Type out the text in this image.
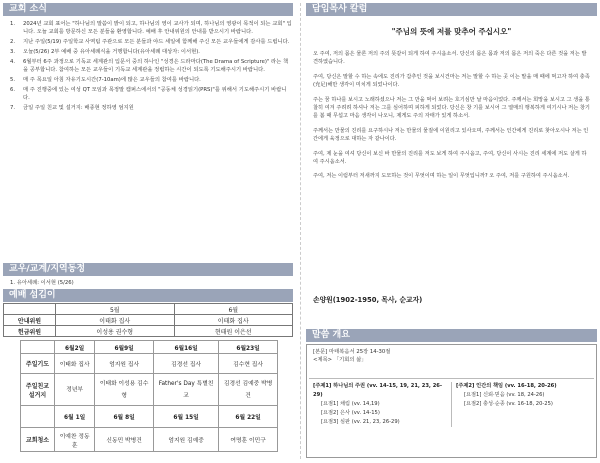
교회 소식
1.	2024년 교회 표어는 "하나님의 말씀이 밝이 되고, 하나님의 영이 교사가 되며, 하나님의 영광이 목적이 되는 교회" 입니다. 오늘 교회를 방문하신 모든 분들을 환영합니다. 예배 후 안내위원의 안내를 받으시기 바랍니다.
2.	지난 주일(5/19) 주일학교 사역팀 주관으로 모든 분들과 야드 세일에 함께해 주신 모든 교우들에게 감사를 드립니다.
3.	오늘(5/26) 2부 예배 중 유아세례식을 거행합니다(유아세례 대상자: 이서현).
4.	6월부터 6주 과정으로 기독교 세계관의 입문서 중의 하나인 "성경은 드라마다(The Drama of Scripture)" 라는 책을 공부합니다. 참여하는 모든 교우들이 기독교 세계관을 정립하는 시간이 되도록 기도해주시기 바랍니다.
5.	매 주 목요일 아침 자유기도시간(7-10am)에 많은 교우들의 참여를 바랍니다.
6.	매 주 진행중에 있는 여성 QT 모임과 목정말 캠퍼스에서의 "공동체 성경읽기(PRS)"를 위해서 기도해주시기 바랍니다.
7.	금일 주일 친교 및 설거지: 배종현 정하영 엄지원
교우/교계/지역동정
1. 유아세례: 이서현 (5/26)
예배 섬김이
	5월	6월
안내위원	이태화 집사	이태화 집사
헌금위원	이성용 권수형	현태원 이은선
	6월2일	6월9일	6월16일	6월23일
주일기도	이태화 집사	엄지원 집사	김경선 집사	김수현 집사
주일친교 설거지	정년부	이태화 이성용 김수형	Father's Day 특별친교	김경선 김예중 박병건
	6월 1일	6월 8일	6월 15일	6월 22일
교회청소	이예찬 정동훈	신동민 박병건	엄지원 김예중	여명훈 이민구
담임목사 칼럼
"주님의 뜻에 저를 맞추어 주십시오"

오 주여, 저의 몸은 물론 저의 주의 뜻같이 되게 하여 주시옵소서. 당신의 몸은 몸과 저의 몸은 저의 죽은 다른 것을 저는 발견하였습니다.

주여, 당신은 말할 수 하는 속에도 진리가 갑추인 것을 보시건마는 저는 말할 수 하는 곳 이는 말을 매 때에 먹고자 하여 충족(充足)해만 생각이 미치게 되었나이다.

주는 꿈 하나를 보시고 노래하셨으나 저는 그 만을 먹어 보려는 호기심만 날 마음이었다. 주께서는 희망을 보시고 그 생을 통찰히 여겨 주려려 하셔나 저는 그를 심어하며 피하게 되었다. 당신은 창 기를 보시어 그 열매의 행복하게 여기시나 저는 창기를 봄 때 무섭고 마음 생각이 나오니, 제게도 주의 자태가 있게 하소서.

주께서는 만물의 진리를 요구하시나 저는 만물의 물질에 이원리고 있사오며, 주께서는 인간에게 진리로 찾아오시나 저는 인간에게 육정으로 대하는 자 같나이다.

주여, 제 눈을 여셔 당신이 보신 바 만물의 진리를 저도 보게 하여 주시옵고, 주여, 당신이 사시는 진리 세계에 저도 살게 하여 주시옵소서.

주여, 저는 이럼부터 저새까지 도모하는 것이 무엇이며 하는 일이 무엇입니까? 오 주여, 저를 구원하여 주시옵소서.

손양원(1902-1950, 목사, 순교자)
말씀 개요
[본문] 마태복음서 25장 14-30절
<제목> 「기회의 삶」
[주제1] 하나님의 주권 (vv. 14-15, 19, 21, 23, 26-29)
[요점1] 채림 (vv. 14,19)
[요점2] 은사 (vv. 14-15)
[요점3] 심판 (vv. 21, 23, 26-29)
[주제2] 인간의 책임 (vv. 16-18, 20-26)
[요점1] 신뢰·믿음 (vv. 18, 24-26)
[요점2] 충성·순종 (vv. 16-18, 20-25)
